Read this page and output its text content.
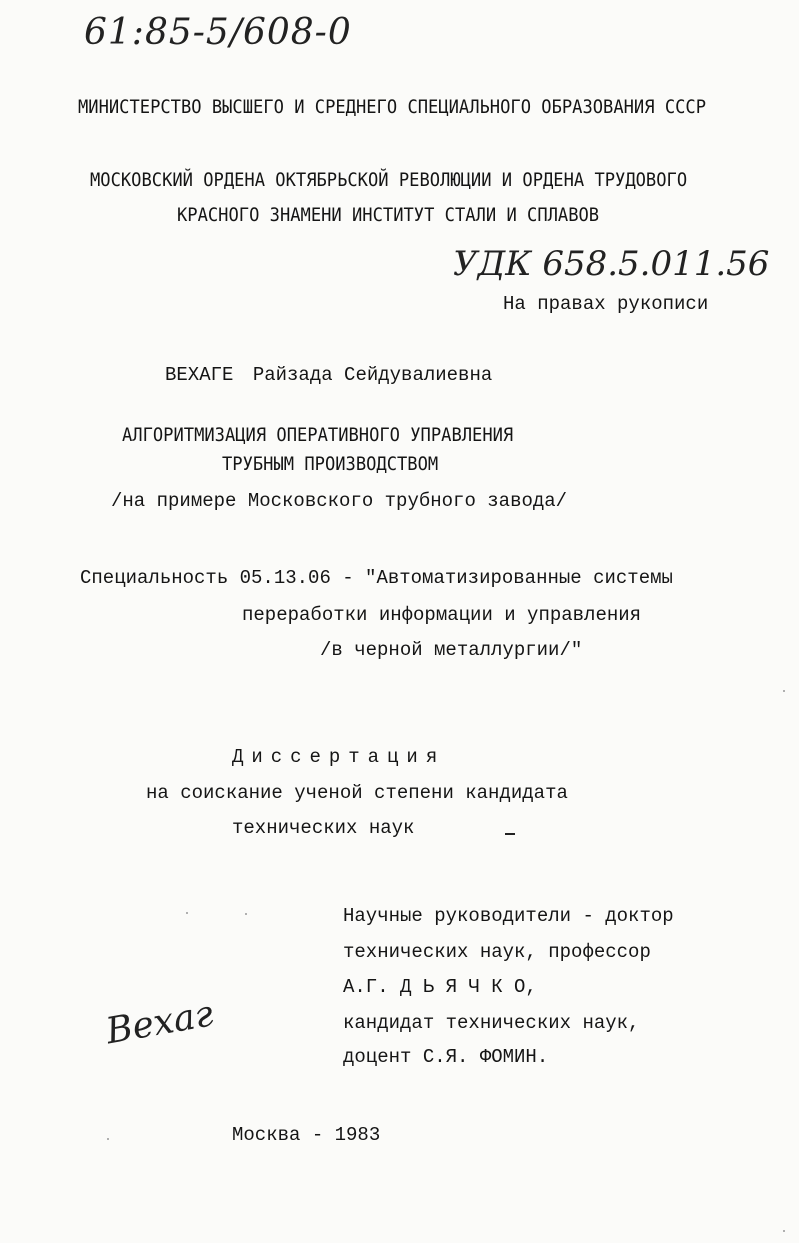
61:85-5/608-0
МИНИСТЕРСТВО ВЫСШЕГО И СРЕДНЕГО СПЕЦИАЛЬНОГО ОБРАЗОВАНИЯ СССР
МОСКОВСКИЙ ОРДЕНА ОКТЯБРЬСКОЙ РЕВОЛЮЦИИ И ОРДЕНА ТРУДОВОГО
КРАСНОГО ЗНАМЕНИ ИНСТИТУТ СТАЛИ И СПЛАВОВ
УДК 658.5.011.56
На правах рукописи
ВЕХАГЕ Райзада Сейдувалиевна
АЛГОРИТМИЗАЦИЯ ОПЕРАТИВНОГО УПРАВЛЕНИЯ
ТРУБНЫМ ПРОИЗВОДСТВОМ
/на примере Московского трубного завода/
Специальность 05.13.06 - "Автоматизированные системы
переработки информации и управления
/в черной металлургии/"
Диссертация
на соискание ученой степени кандидата
технических наук
Научные руководители - доктор
технических наук, профессор
А.Г. Д Ь Я Ч К О,
кандидат технических наук,
доцент С.Я. ФОМИН.
Вехаг
Москва - 1983
